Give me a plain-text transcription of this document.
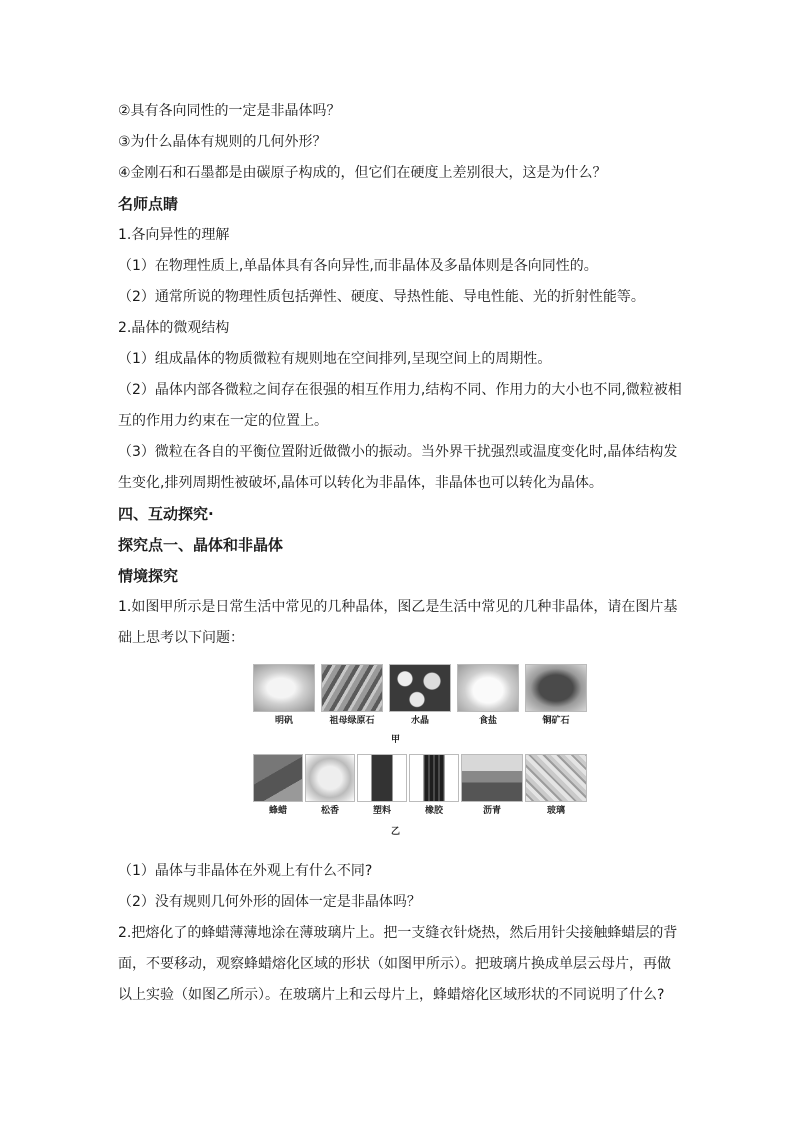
②具有各向同性的一定是非晶体吗？
③为什么晶体有规则的几何外形？
④金刚石和石墨都是由碳原子构成的，但它们在硬度上差别很大，这是为什么？
名师点睛
1.各向异性的理解
（1）在物理性质上,单晶体具有各向异性,而非晶体及多晶体则是各向同性的。
（2）通常所说的物理性质包括弹性、硬度、导热性能、导电性能、光的折射性能等。
2.晶体的微观结构
（1）组成晶体的物质微粒有规则地在空间排列,呈现空间上的周期性。
（2）晶体内部各微粒之间存在很强的相互作用力,结构不同、作用力的大小也不同,微粒被相
互的作用力约束在一定的位置上。
（3）微粒在各自的平衡位置附近做微小的振动。当外界干扰强烈或温度变化时,晶体结构发
生变化,排列周期性被破坏,晶体可以转化为非晶体，非晶体也可以转化为晶体。
四、互动探究·
探究点一、晶体和非晶体
情境探究
1.如图甲所示是日常生活中常见的几种晶体，图乙是生活中常见的几种非晶体，请在图片基
础上思考以下问题：
明矾	祖母绿原石	水晶	食盐	铜矿石
甲
蜂蜡	松香	塑料	橡胶	沥青	玻璃
乙
（1）晶体与非晶体在外观上有什么不同?
（2）没有规则几何外形的固体一定是非晶体吗？
2.把熔化了的蜂蜡薄薄地涂在薄玻璃片上。把一支缝衣针烧热，然后用针尖接触蜂蜡层的背
面，不要移动，观察蜂蜡熔化区域的形状（如图甲所示）。把玻璃片换成单层云母片，再做
以上实验（如图乙所示）。在玻璃片上和云母片上，蜂蜡熔化区域形状的不同说明了什么?
